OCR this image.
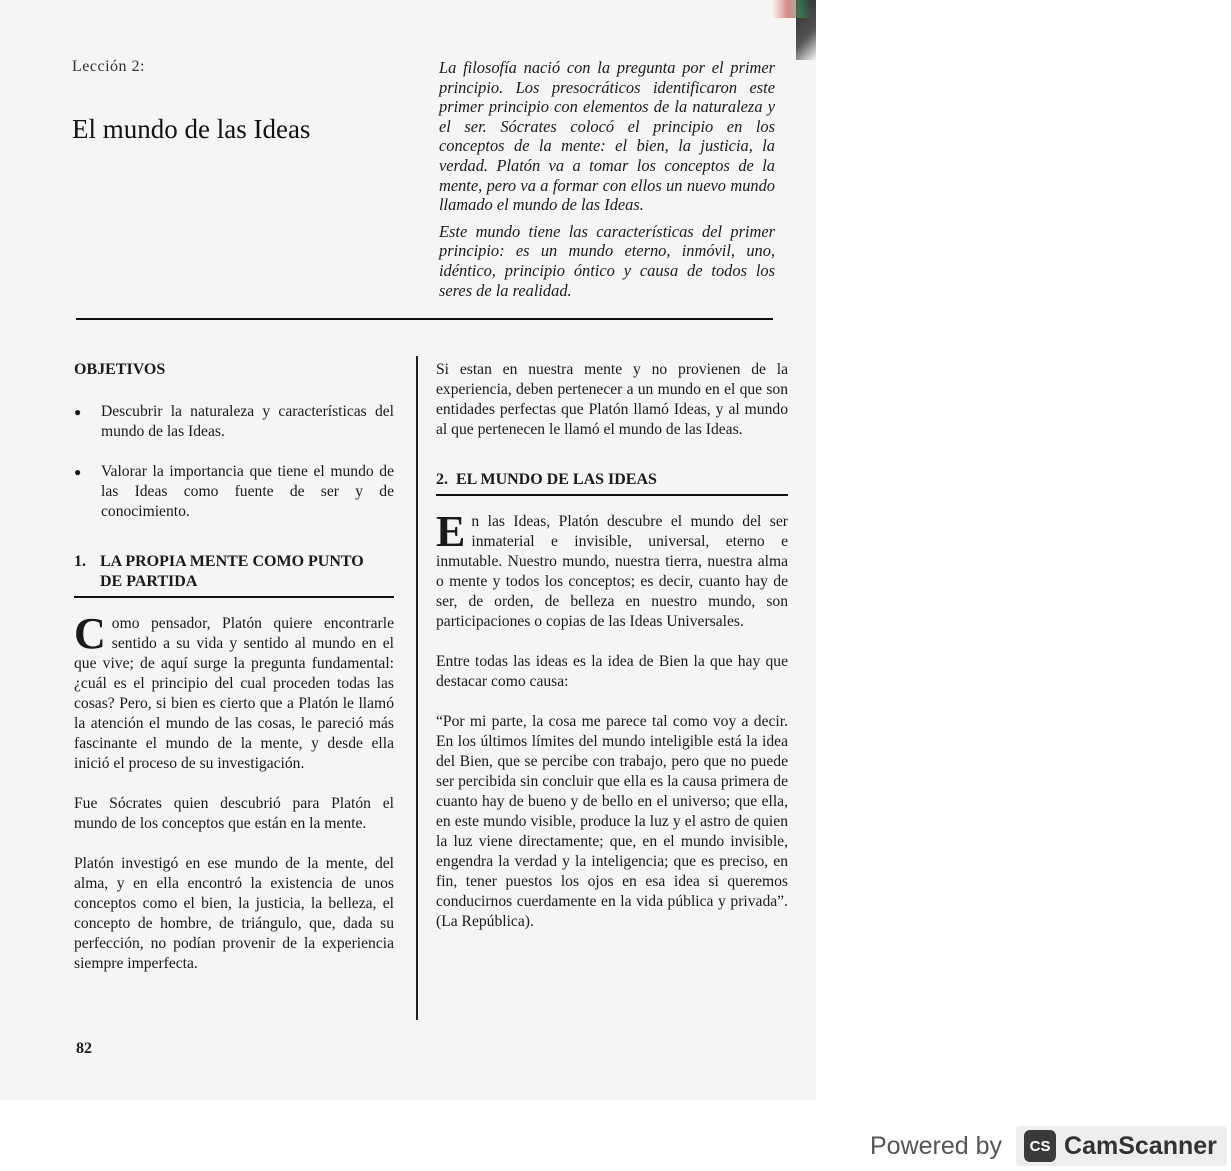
Lección 2:
El mundo de las Ideas

La filosofía nació con la pregunta por el primer principio. Los presocráticos identificaron este primer principio con elementos de la naturaleza y el ser. Sócrates colocó el principio en los conceptos de la mente: el bien, la justicia, la verdad. Platón va a tomar los conceptos de la mente, pero va a formar con ellos un nuevo mundo llamado el mundo de las Ideas.

Este mundo tiene las características del primer principio: es un mundo eterno, inmóvil, uno, idéntico, principio óntico y causa de todos los seres de la realidad.

OBJETIVOS

● Descubrir la naturaleza y características del mundo de las Ideas.
● Valorar la importancia que tiene el mundo de las Ideas como fuente de ser y de conocimiento.
1. LA PROPIA MENTE COMO PUNTO DE PARTIDA

Como pensador, Platón quiere encontrarle sentido a su vida y sentido al mundo en el que vive; de aquí surge la pregunta fundamental: ¿cuál es el principio del cual proceden todas las cosas? Pero, si bien es cierto que a Platón le llamó la atención el mundo de las cosas, le pareció más fascinante el mundo de la mente, y desde ella inició el proceso de su investigación.

Fue Sócrates quien descubrió para Platón el mundo de los conceptos que están en la mente.

Platón investigó en ese mundo de la mente, del alma, y en ella encontró la existencia de unos conceptos como el bien, la justicia, la belleza, el concepto de hombre, de triángulo, que, dada su perfección, no podían provenir de la experiencia siempre imperfecta.

Si estan en nuestra mente y no provienen de la experiencia, deben pertenecer a un mundo en el que son entidades perfectas que Platón llamó Ideas, y al mundo al que pertenecen le llamó el mundo de las Ideas.

2. EL MUNDO DE LAS IDEAS

En las Ideas, Platón descubre el mundo del ser inmaterial e invisible, universal, eterno e inmutable. Nuestro mundo, nuestra tierra, nuestra alma o mente y todos los conceptos; es decir, cuanto hay de ser, de orden, de belleza en nuestro mundo, son participaciones o copias de las Ideas Universales.

Entre todas las ideas es la idea de Bien la que hay que destacar como causa:

“Por mi parte, la cosa me parece tal como voy a decir. En los últimos límites del mundo inteligible está la idea del Bien, que se percibe con trabajo, pero que no puede ser percibida sin concluir que ella es la causa primera de cuanto hay de bueno y de bello en el universo; que ella, en este mundo visible, produce la luz y el astro de quien la luz viene directamente; que, en el mundo invisible, engendra la verdad y la inteligencia; que es preciso, en fin, tener puestos los ojos en esa idea si queremos conducirnos cuerdamente en la vida pública y privada”. (La República).

82
Powered by	CS CamScanner
